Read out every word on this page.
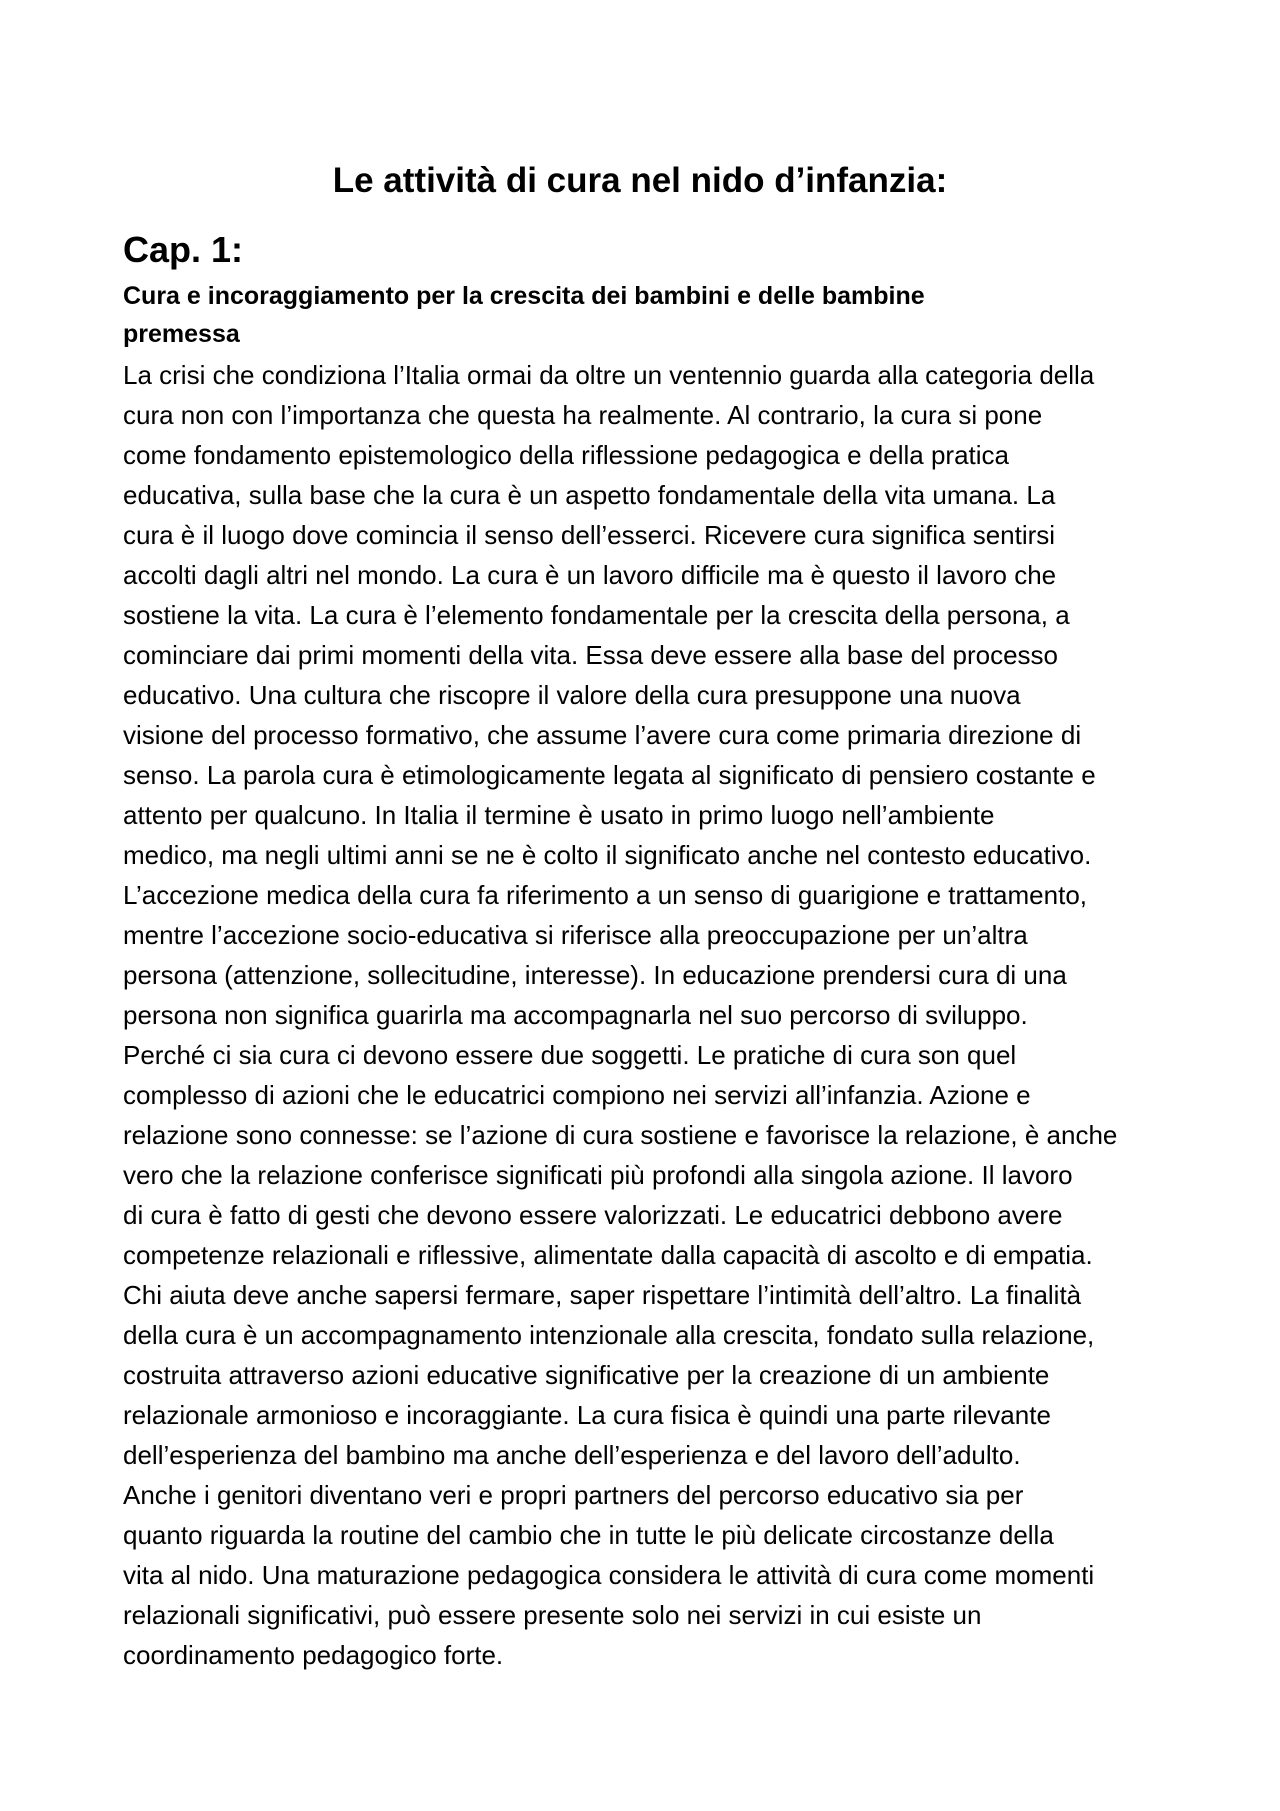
Le attività di cura nel nido d’infanzia:
Cap. 1:
Cura e incoraggiamento per la crescita dei bambini e delle bambine
premessa
La crisi che condiziona l’Italia ormai da oltre un ventennio guarda alla categoria della
cura non con l’importanza che questa ha realmente. Al contrario, la cura si pone
come fondamento epistemologico della riflessione pedagogica e della pratica
educativa, sulla base che la cura è un aspetto fondamentale della vita umana. La
cura è il luogo dove comincia il senso dell’esserci. Ricevere cura significa sentirsi
accolti dagli altri nel mondo. La cura è un lavoro difficile ma è questo il lavoro che
sostiene la vita. La cura è l’elemento fondamentale per la crescita della persona, a
cominciare dai primi momenti della vita. Essa deve essere alla base del processo
educativo. Una cultura che riscopre il valore della cura presuppone una nuova
visione del processo formativo, che assume l’avere cura come primaria direzione di
senso. La parola cura è etimologicamente legata al significato di pensiero costante e
attento per qualcuno. In Italia il termine è usato in primo luogo nell’ambiente
medico, ma negli ultimi anni se ne è colto il significato anche nel contesto educativo.
L’accezione medica della cura fa riferimento a un senso di guarigione e trattamento,
mentre l’accezione socio-educativa si riferisce alla preoccupazione per un’altra
persona (attenzione, sollecitudine, interesse). In educazione prendersi cura di una
persona non significa guarirla ma accompagnarla nel suo percorso di sviluppo.
Perché ci sia cura ci devono essere due soggetti. Le pratiche di cura son quel
complesso di azioni che le educatrici compiono nei servizi all’infanzia. Azione e
relazione sono connesse: se l’azione di cura sostiene e favorisce la relazione, è anche
vero che la relazione conferisce significati più profondi alla singola azione. Il lavoro
di cura è fatto di gesti che devono essere valorizzati. Le educatrici debbono avere
competenze relazionali e riflessive, alimentate dalla capacità di ascolto e di empatia.
Chi aiuta deve anche sapersi fermare, saper rispettare l’intimità dell’altro. La finalità
della cura è un accompagnamento intenzionale alla crescita, fondato sulla relazione,
costruita attraverso azioni educative significative per la creazione di un ambiente
relazionale armonioso e incoraggiante. La cura fisica è quindi una parte rilevante
dell’esperienza del bambino ma anche dell’esperienza e del lavoro dell’adulto.
Anche i genitori diventano veri e propri partners del percorso educativo sia per
quanto riguarda la routine del cambio che in tutte le più delicate circostanze della
vita al nido. Una maturazione pedagogica considera le attività di cura come momenti
relazionali significativi, può essere presente solo nei servizi in cui esiste un
coordinamento pedagogico forte.
